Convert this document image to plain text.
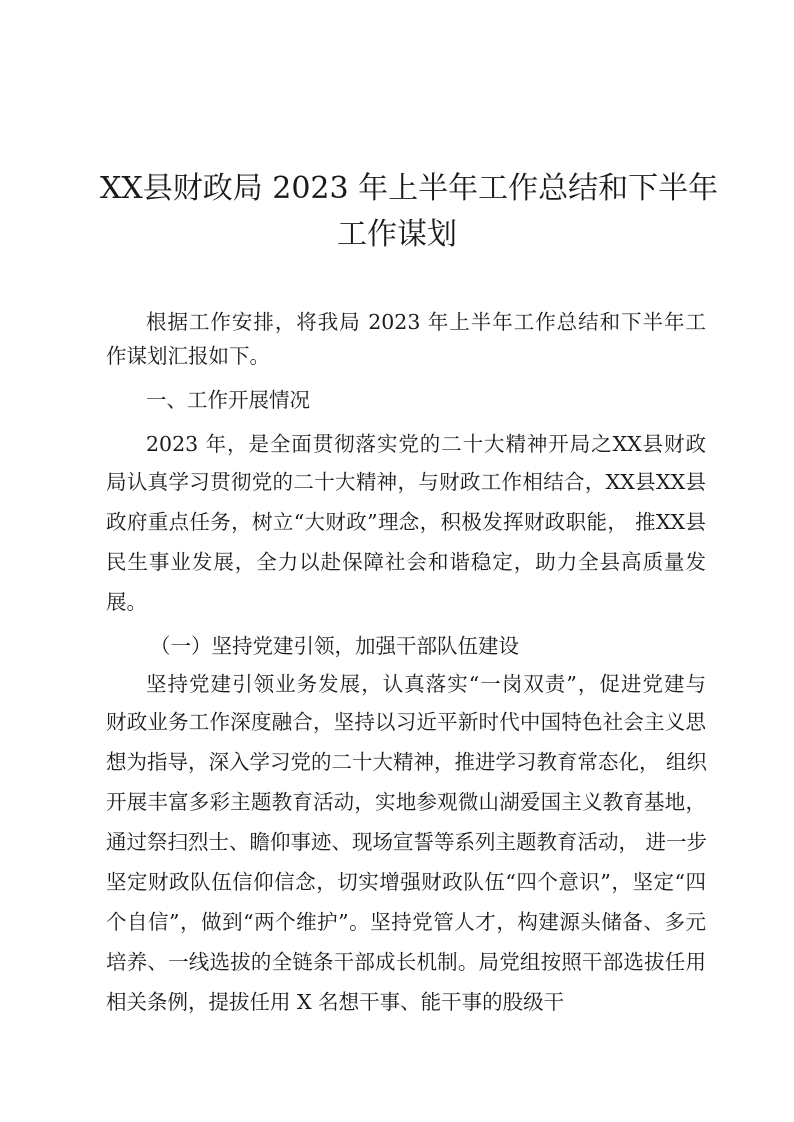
XX县财政局 2023 年上半年工作总结和下半年
工作谋划
根据工作安排，将我局 2023 年上半年工作总结和下半年工
作谋划汇报如下。
一、工作开展情况
2023 年，是全面贯彻落实党的二十大精神开局之XX县财政
局认真学习贯彻党的二十大精神，与财政工作相结合，XX县XX县
政府重点任务，树立“大财政”理念，积极发挥财政职能， 推XX县
民生事业发展，全力以赴保障社会和谐稳定，助力全县高质量发
展。
（一）坚持党建引领，加强干部队伍建设
坚持党建引领业务发展，认真落实“一岗双责”，促进党建与
财政业务工作深度融合，坚持以习近平新时代中国特色社会主义思
想为指导，深入学习党的二十大精神，推进学习教育常态化， 组织
开展丰富多彩主题教育活动，实地参观微山湖爱国主义教育基地，
通过祭扫烈士、瞻仰事迹、现场宣誓等系列主题教育活动， 进一步
坚定财政队伍信仰信念，切实增强财政队伍“四个意识”，坚定“四
个自信”，做到“两个维护”。坚持党管人才，构建源头储备、多元
培养、一线选拔的全链条干部成长机制。局党组按照干部选拔任用
相关条例，提拔任用 X 名想干事、能干事的股级干
